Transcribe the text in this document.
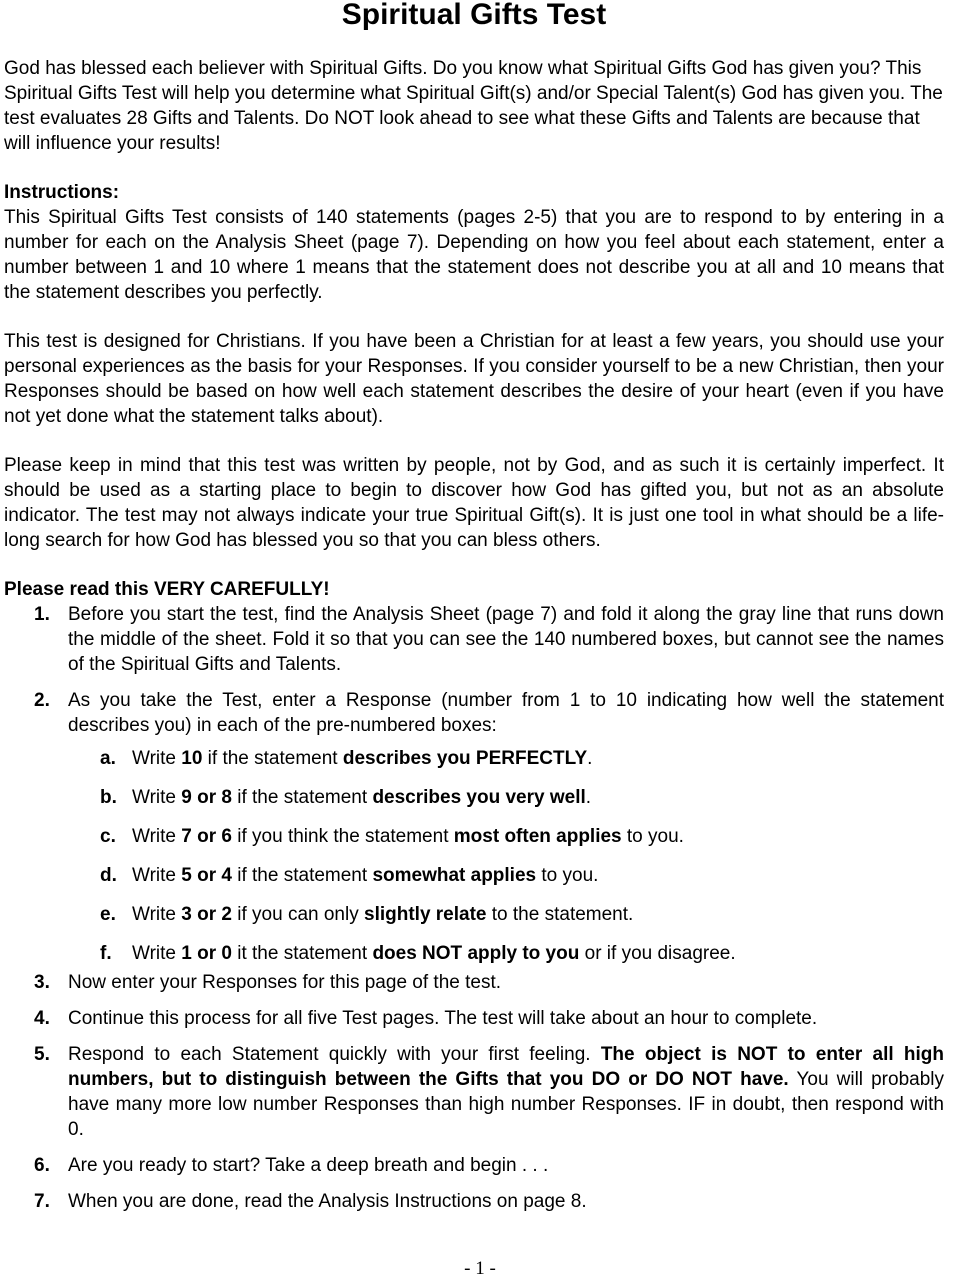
Spiritual Gifts Test

God has blessed each believer with Spiritual Gifts. Do you know what Spiritual Gifts God has given you? This Spiritual Gifts Test will help you determine what Spiritual Gift(s) and/or Special Talent(s) God has given you. The test evaluates 28 Gifts and Talents. Do NOT look ahead to see what these Gifts and Talents are because that will influence your results!

Instructions:

This Spiritual Gifts Test consists of 140 statements (pages 2-5) that you are to respond to by entering in a number for each on the Analysis Sheet (page 7). Depending on how you feel about each statement, enter a number between 1 and 10 where 1 means that the statement does not describe you at all and 10 means that the statement describes you perfectly.

This test is designed for Christians. If you have been a Christian for at least a few years, you should use your personal experiences as the basis for your Responses. If you consider yourself to be a new Christian, then your Responses should be based on how well each statement describes the desire of your heart (even if you have not yet done what the statement talks about).

Please keep in mind that this test was written by people, not by God, and as such it is certainly imperfect. It should be used as a starting place to begin to discover how God has gifted you, but not as an absolute indicator. The test may not always indicate your true Spiritual Gift(s). It is just one tool in what should be a life-long search for how God has blessed you so that you can bless others.

Please read this VERY CAREFULLY!
1. Before you start the test, find the Analysis Sheet (page 7) and fold it along the gray line that runs down the middle of the sheet. Fold it so that you can see the 140 numbered boxes, but cannot see the names of the Spiritual Gifts and Talents.

2. As you take the Test, enter a Response (number from 1 to 10 indicating how well the statement describes you) in each of the pre-numbered boxes:

a. Write 10 if the statement describes you PERFECTLY.
b. Write 9 or 8 if the statement describes you very well.
c. Write 7 or 6 if you think the statement most often applies to you.
d. Write 5 or 4 if the statement somewhat applies to you.
e. Write 3 or 2 if you can only slightly relate to the statement.
f. Write 1 or 0 it the statement does NOT apply to you or if you disagree.
3. Now enter your Responses for this page of the test.

4. Continue this process for all five Test pages. The test will take about an hour to complete.

5. Respond to each Statement quickly with your first feeling. The object is NOT to enter all high numbers, but to distinguish between the Gifts that you DO or DO NOT have. You will probably have many more low number Responses than high number Responses. IF in doubt, then respond with 0.

6. Are you ready to start? Take a deep breath and begin . . .

7. When you are done, read the Analysis Instructions on page 8.

- 1 -
